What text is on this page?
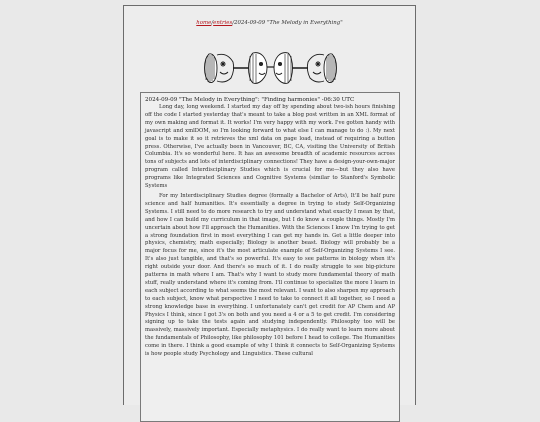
home/entries/2024-09-09 "The Melody in Everything"
2024-09-09 "The Melody in Everything": "Finding harmonies" -06:30 UTC

Long day, long weekend. I started my day off by spending about two-ish hours finishing off the code I started yesterday that's meant to take a blog post written in an XML format of my own making and format it. It works! I'm very happy with my work. I've gotten handy with javascript and xmlDOM, so I'm looking forward to what else I can manage to do :). My next goal is to make it so it retrieves the xml data on page load, instead of requiring a button press. Otherwise, I've actually been in Vancouver, BC, CA, visiting the University of British Columbia. It's so wonderful here. It has an awesome breadth of academic resources across tons of subjects and lots of interdisciplinary connections! They have a design-your-own-major program called Interdisciplinary Studies which is crucial for me—but they also have programs like Integrated Sciences and Cognitive Systems (similar to Stanford's Symbolic Systems

For my Interdisciplinary Studies degree (formally a Bachelor of Arts), It'll be half pure science and half humanities. It's essentially a degree in trying to study Self-Organizing Systems. I still need to do more research to try and understand what exactly I mean by that, and how I can build my curriculum in that image, but I do know a couple things. Mostly I'm uncertain about how I'll approach the Humanities. With the Sciences I know I'm trying to get a strong foundation first in most everything I can get my hands in. Get a little deeper into physics, chemistry, math especially; Biology is another beast. Biology will probably be a major focus for me, since it's the most articulate example of Self-Organizing Systems I see. It's also just tangible, and that's so powerful. It's easy to see patterns in biology when it's right outside your door. And there's so much of it. I do really struggle to see big-picture patterns in math where I am. That's why I want to study more fundamental theory of math stuff, really understand where it's coming from. I'll continue to specialize the more I learn in each subject according to what seems the most relevant. I want to also sharpen my approach to each subject, know what perspective I need to take to connect it all together, so I need a strong knowledge base in everything. I unfortunately can't get credit for AP Chem and AP Physics I think, since I got 3's on both and you need a 4 or a 5 to get credit. I'm considering signing up to take the tests again and studying independently. Philosophy too will be massively, massively important. Especially metaphysics. I do really want to learn more about the fundamentals of Philosophy, like philosophy 101 before I head to college. The Humanities come in there. I think a good example of why I think it connects to Self-Organizing Systems is how people study Psychology and Linguistics. These cultural
